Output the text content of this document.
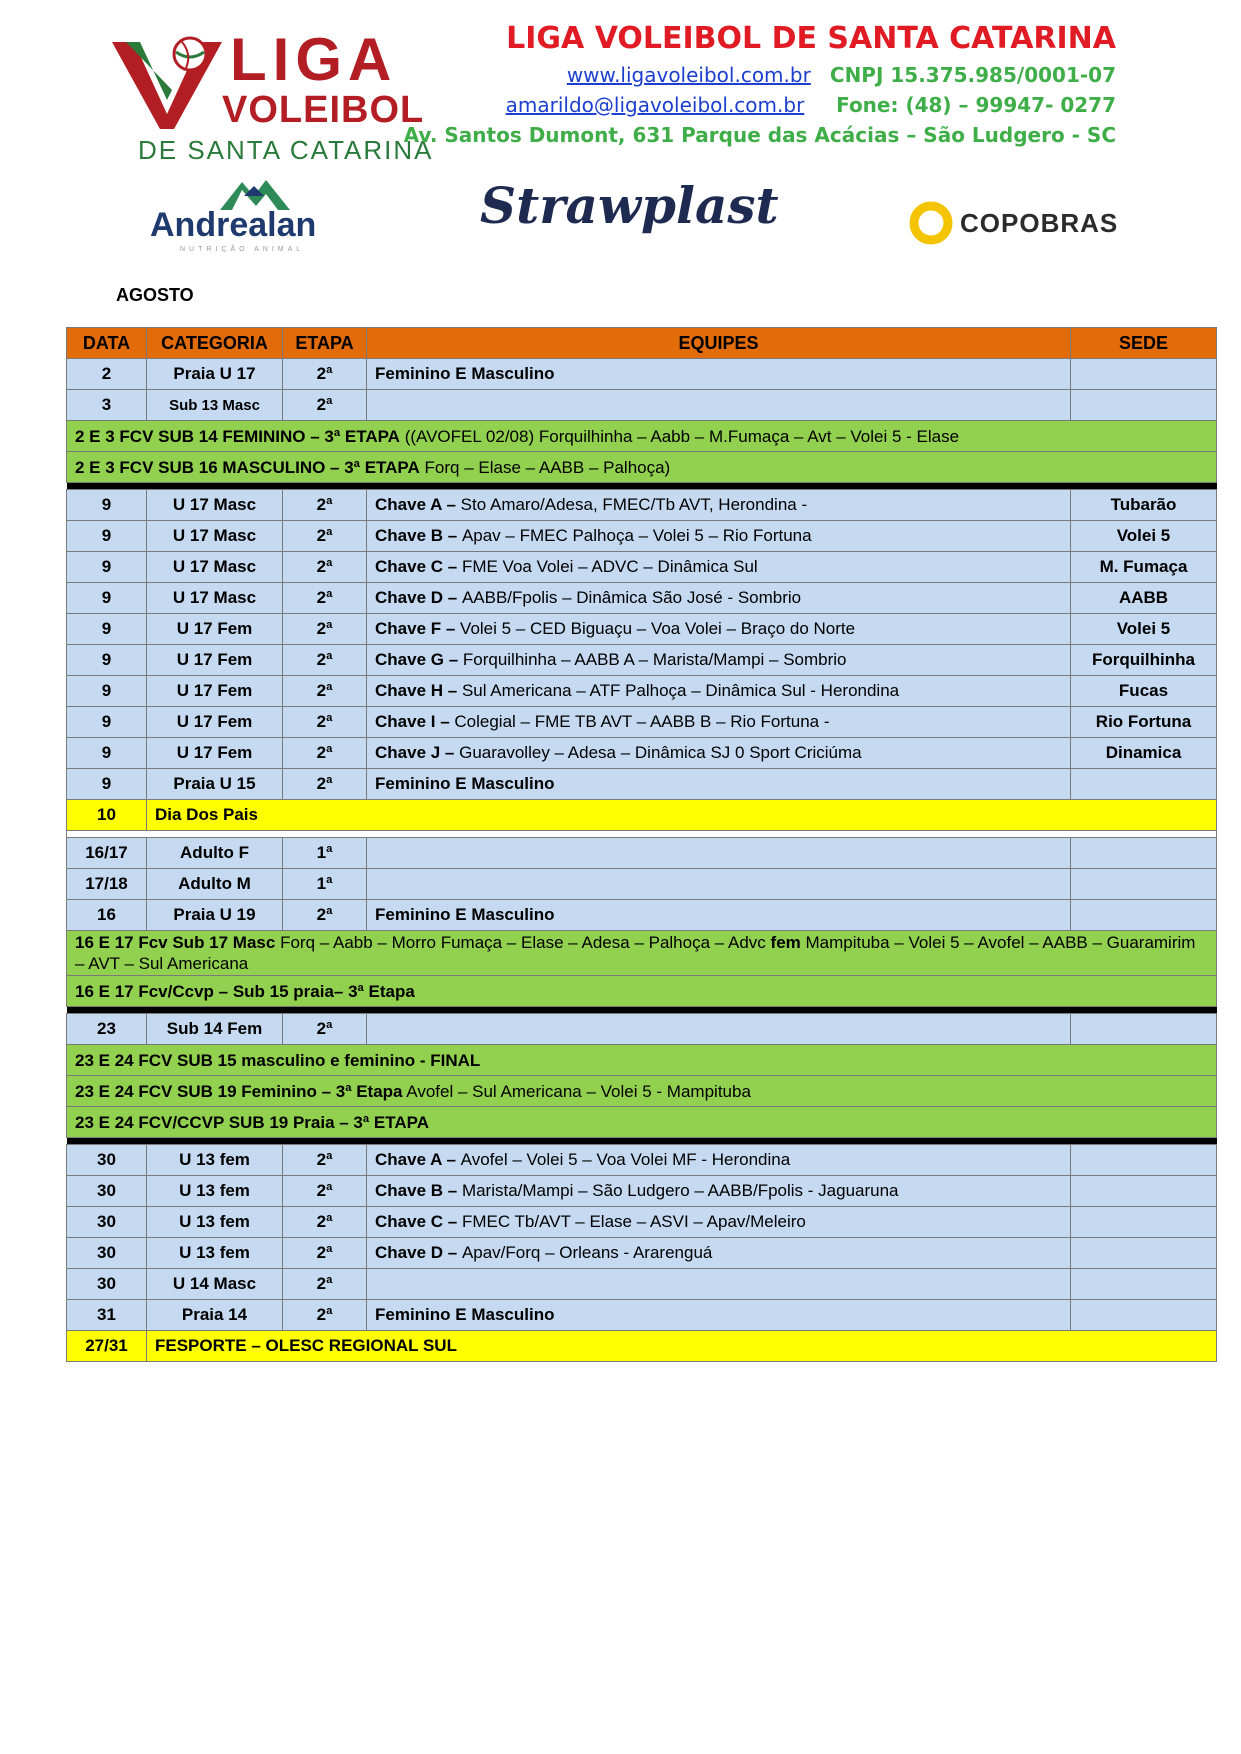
LIGA
VOLEIBOL
DE SANTA CATARINA
LIGA VOLEIBOL DE SANTA CATARINA
www.ligavoleibol.com.br CNPJ 15.375.985/0001-07
amarildo@ligavoleibol.com.br Fone: (48) – 99947- 0277
Av. Santos Dumont, 631 Parque das Acácias – São Ludgero - SC
Andrealan
NUTRIÇÃO ANIMAL
Strawplast	COPOBRAS
AGOSTO
DATA	CATEGORIA	ETAPA	EQUIPES	SEDE
2	Praia U 17	2ª	Feminino E Masculino	
3	Sub 13 Masc	2ª		
2 E 3 FCV SUB 14 FEMININO – 3ª ETAPA ((AVOFEL 02/08) Forquilhinha – Aabb – M.Fumaça – Avt – Volei 5 - Elase				
2 E 3 FCV SUB 16 MASCULINO – 3ª ETAPA Forq – Elase – AABB – Palhoça)				

9	U 17 Masc	2ª	Chave A – Sto Amaro/Adesa, FMEC/Tb AVT, Herondina -	Tubarão
9	U 17 Masc	2ª	Chave B – Apav – FMEC Palhoça – Volei 5 – Rio Fortuna	Volei 5
9	U 17 Masc	2ª	Chave C – FME Voa Volei – ADVC – Dinâmica Sul	M. Fumaça
9	U 17 Masc	2ª	Chave D – AABB/Fpolis – Dinâmica São José - Sombrio	AABB
9	U 17 Fem	2ª	Chave F – Volei 5 – CED Biguaçu – Voa Volei – Braço do Norte	Volei 5
9	U 17 Fem	2ª	Chave G – Forquilhinha – AABB A – Marista/Mampi – Sombrio	Forquilhinha
9	U 17 Fem	2ª	Chave H – Sul Americana – ATF Palhoça – Dinâmica Sul - Herondina	Fucas
9	U 17 Fem	2ª	Chave I – Colegial – FME TB AVT – AABB B – Rio Fortuna -	Rio Fortuna
9	U 17 Fem	2ª	Chave J – Guaravolley – Adesa – Dinâmica SJ 0 Sport Criciúma	Dinamica
9	Praia U 15	2ª	Feminino E Masculino	
10	Dia Dos Pais			

16/17	Adulto F	1ª		
17/18	Adulto M	1ª		
16	Praia U 19	2ª	Feminino E Masculino	
16 E 17 Fcv Sub 17 Masc Forq – Aabb – Morro Fumaça – Elase – Adesa – Palhoça – Advc fem Mampituba – Volei 5 – Avofel – AABB – Guaramirim – AVT – Sul Americana				
16 E 17 Fcv/Ccvp – Sub 15 praia– 3ª Etapa				

23	Sub 14 Fem	2ª		
23 E 24 FCV SUB 15 masculino e feminino - FINAL				
23 E 24 FCV SUB 19 Feminino – 3ª Etapa Avofel – Sul Americana – Volei 5 - Mampituba				
23 E 24 FCV/CCVP SUB 19 Praia – 3ª ETAPA				

30	U 13 fem	2ª	Chave A – Avofel – Volei 5 – Voa Volei MF - Herondina	
30	U 13 fem	2ª	Chave B – Marista/Mampi – São Ludgero – AABB/Fpolis - Jaguaruna	
30	U 13 fem	2ª	Chave C – FMEC Tb/AVT – Elase – ASVI – Apav/Meleiro	
30	U 13 fem	2ª	Chave D – Apav/Forq – Orleans - Ararenguá	
30	U 14 Masc	2ª		
31	Praia 14	2ª	Feminino E Masculino	
27/31	FESPORTE – OLESC REGIONAL SUL			
